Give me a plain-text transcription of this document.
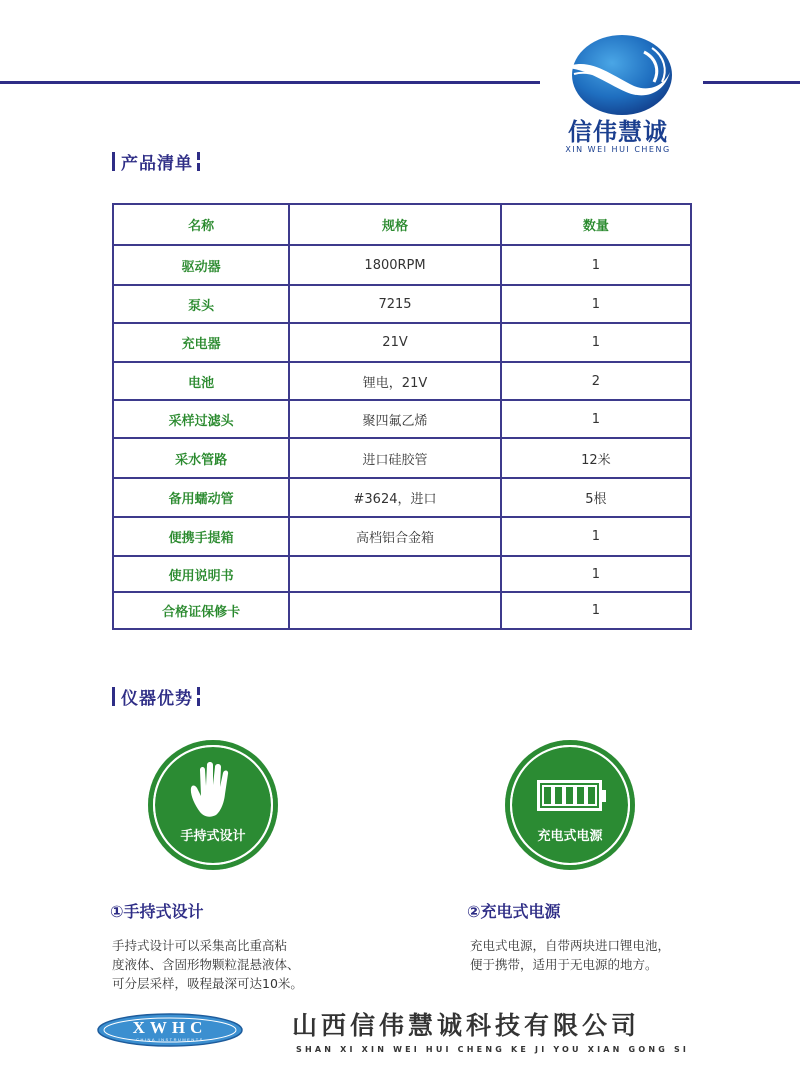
信伟慧诚
XIN WEI HUI CHENG
产品清单
名称	规格	数量
驱动器	1800RPM	1
泵头	7215	1
充电器	21V	1
电池	锂电，21V	2
采样过滤头	聚四氟乙烯	1
采水管路	进口硅胶管	12米
备用蠕动管	#3624，进口	5根
便携手提箱	高档铝合金箱	1
使用说明书		1
合格证保修卡		1
仪器优势
手持式设计
①手持式设计
手持式设计可以采集高比重高粘
度液体、含固形物颗粒混悬液体、
可分层采样，吸程最深可达10米。
充电式电源
②充电式电源
充电式电源，自带两块进口锂电池，
便于携带，适用于无电源的地方。
XWHC
CHINA INSTRUMENTS	山西信伟慧诚科技有限公司
SHAN XI XIN WEI HUI CHENG KE JI YOU XIAN GONG SI
